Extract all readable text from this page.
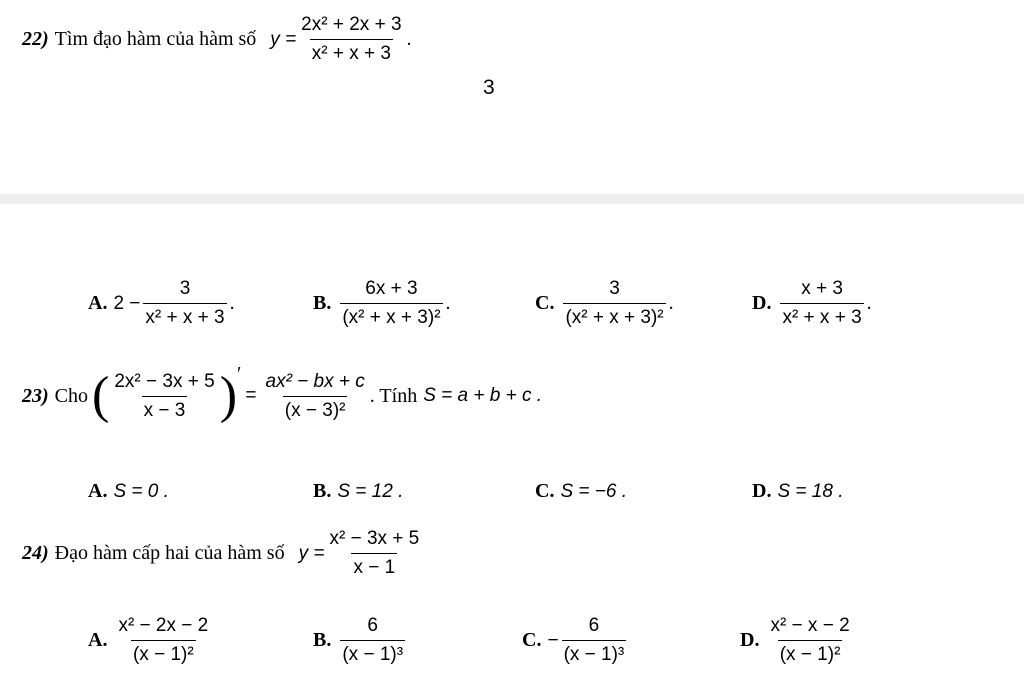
22) Tìm đạo hàm của hàm số $y = \frac{\text{2x² + 2x + 3}}{\text{x² + x + 3}}$ .
3
A. $2 - \frac{3}{\text{x² + x + 3}}$ .	B. $\frac{6x + 3}{\text{(x² + x + 3)²}}$ .	C. $\frac{3}{\text{(x² + x + 3)²}}$ .	D. $\frac{x + 3}{\text{x² + x + 3}}$ .
23) Cho ( $\frac{\text{2x² − 3x + 5}}{x - 3}$ ) ′
= $\frac{\text{ax² − bx + c}}{\text{(x − 3)²}}$ . Tính S = a + b + c .
A. S = 0 .	B. S = 12 .	C. S = −6 .	D. S = 18 .
24) Đạo hàm cấp hai của hàm số $y = \frac{\text{x² − 3x + 5}}{x - 1}$
A. $\frac{\text{x² − 2x − 2}}{\text{(x − 1)²}}$	B. $\frac{6}{\text{(x − 1)³}}$	C. − $\frac{6}{\text{(x − 1)³}}$	D. $\frac{\text{x² − x − 2}}{\text{(x − 1)²}}$
